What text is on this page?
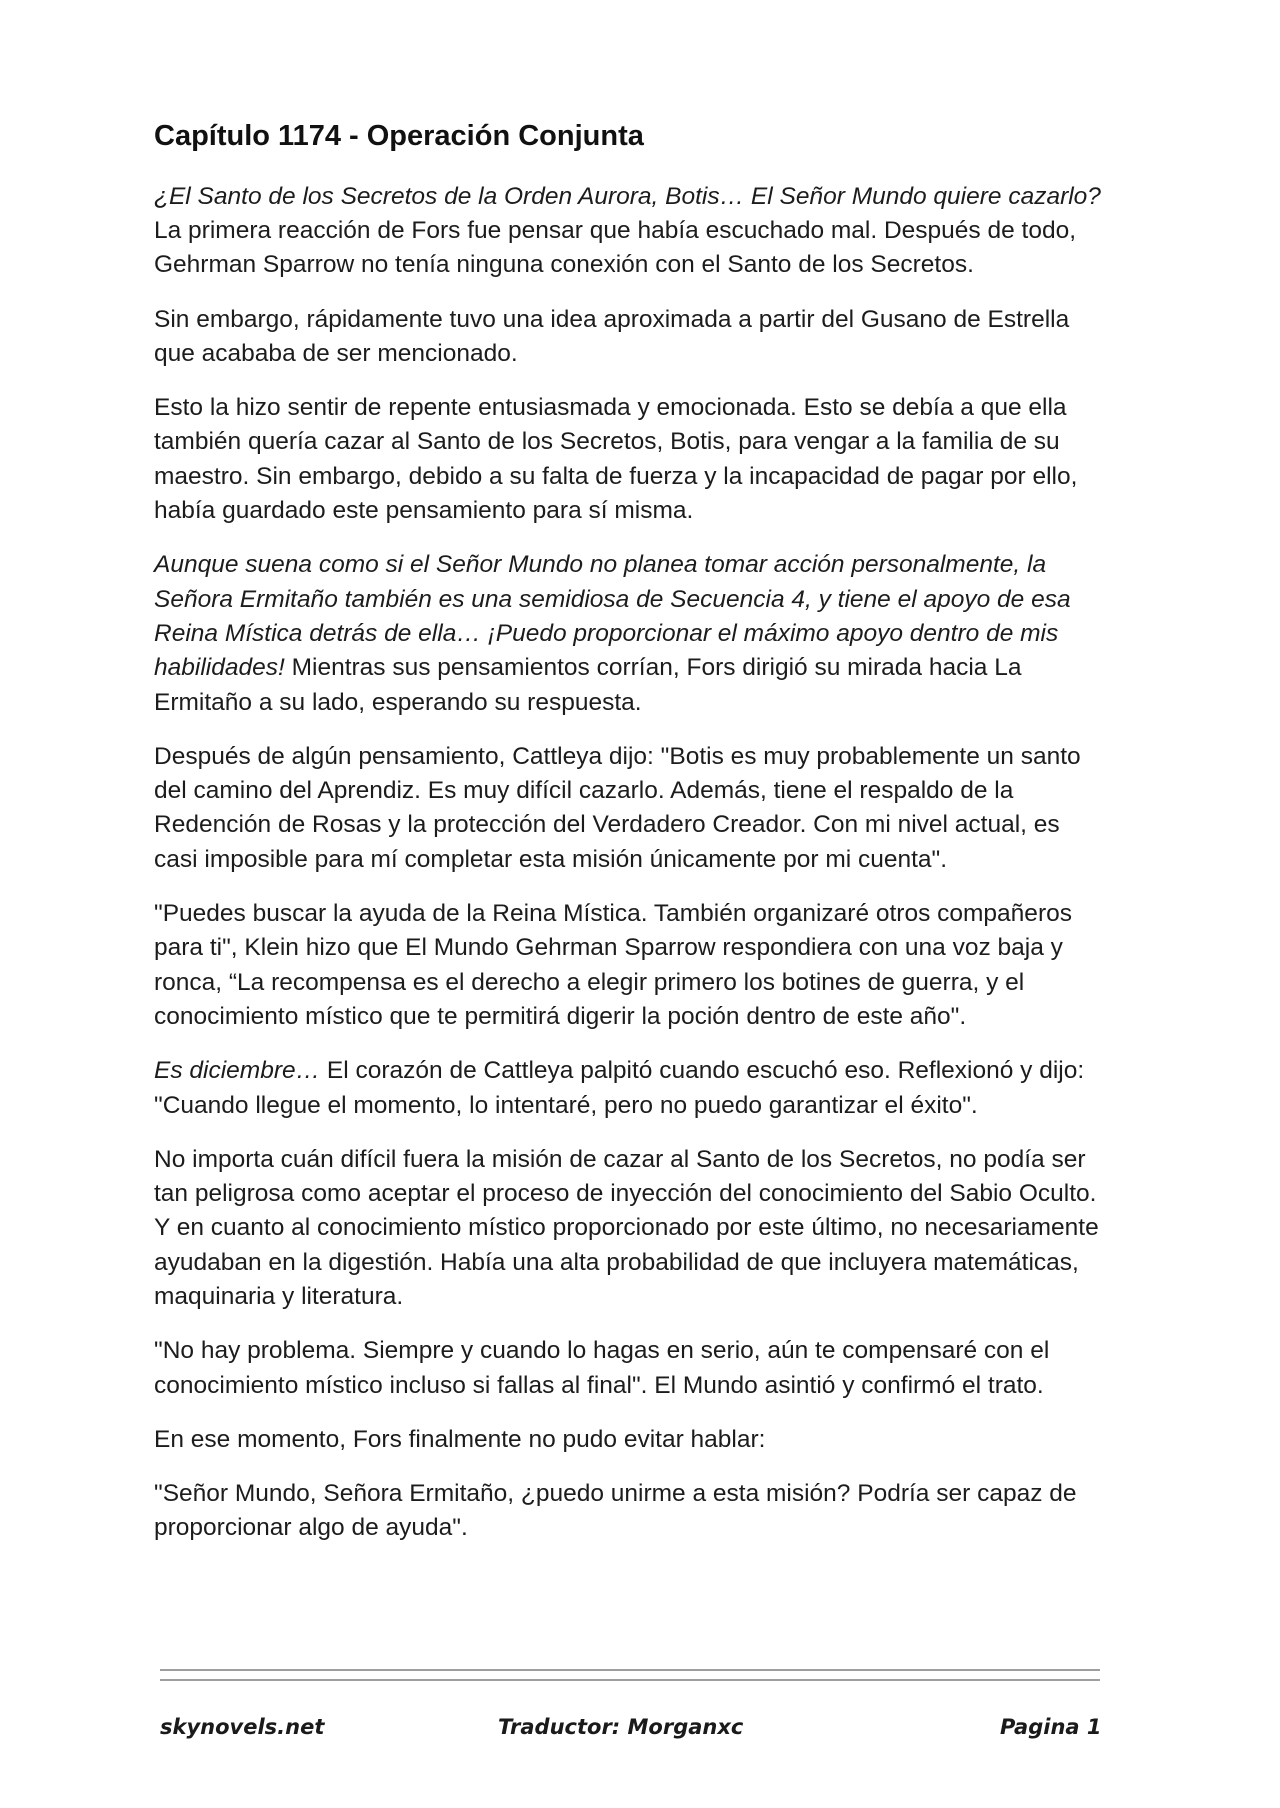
Capítulo 1174 - Operación Conjunta

¿El Santo de los Secretos de la Orden Aurora, Botis… El Señor Mundo quiere cazarlo? La primera reacción de Fors fue pensar que había escuchado mal. Después de todo, Gehrman Sparrow no tenía ninguna conexión con el Santo de los Secretos.

Sin embargo, rápidamente tuvo una idea aproximada a partir del Gusano de Estrella que acababa de ser mencionado.

Esto la hizo sentir de repente entusiasmada y emocionada. Esto se debía a que ella también quería cazar al Santo de los Secretos, Botis, para vengar a la familia de su maestro. Sin embargo, debido a su falta de fuerza y la incapacidad de pagar por ello, había guardado este pensamiento para sí misma.

Aunque suena como si el Señor Mundo no planea tomar acción personalmente, la Señora Ermitaño también es una semidiosa de Secuencia 4, y tiene el apoyo de esa Reina Mística detrás de ella… ¡Puedo proporcionar el máximo apoyo dentro de mis habilidades! Mientras sus pensamientos corrían, Fors dirigió su mirada hacia La Ermitaño a su lado, esperando su respuesta.

Después de algún pensamiento, Cattleya dijo: "Botis es muy probablemente un santo del camino del Aprendiz. Es muy difícil cazarlo. Además, tiene el respaldo de la Redención de Rosas y la protección del Verdadero Creador. Con mi nivel actual, es casi imposible para mí completar esta misión únicamente por mi cuenta".

"Puedes buscar la ayuda de la Reina Mística. También organizaré otros compañeros para ti", Klein hizo que El Mundo Gehrman Sparrow respondiera con una voz baja y ronca, “La recompensa es el derecho a elegir primero los botines de guerra, y el conocimiento místico que te permitirá digerir la poción dentro de este año".

Es diciembre… El corazón de Cattleya palpitó cuando escuchó eso. Reflexionó y dijo: "Cuando llegue el momento, lo intentaré, pero no puedo garantizar el éxito".

No importa cuán difícil fuera la misión de cazar al Santo de los Secretos, no podía ser tan peligrosa como aceptar el proceso de inyección del conocimiento del Sabio Oculto. Y en cuanto al conocimiento místico proporcionado por este último, no necesariamente ayudaban en la digestión. Había una alta probabilidad de que incluyera matemáticas, maquinaria y literatura.

"No hay problema. Siempre y cuando lo hagas en serio, aún te compensaré con el conocimiento místico incluso si fallas al final". El Mundo asintió y confirmó el trato.

En ese momento, Fors finalmente no pudo evitar hablar:

"Señor Mundo, Señora Ermitaño, ¿puedo unirme a esta misión? Podría ser capaz de proporcionar algo de ayuda".

skynovels.net	Traductor: Morganxc	Pagina 1
